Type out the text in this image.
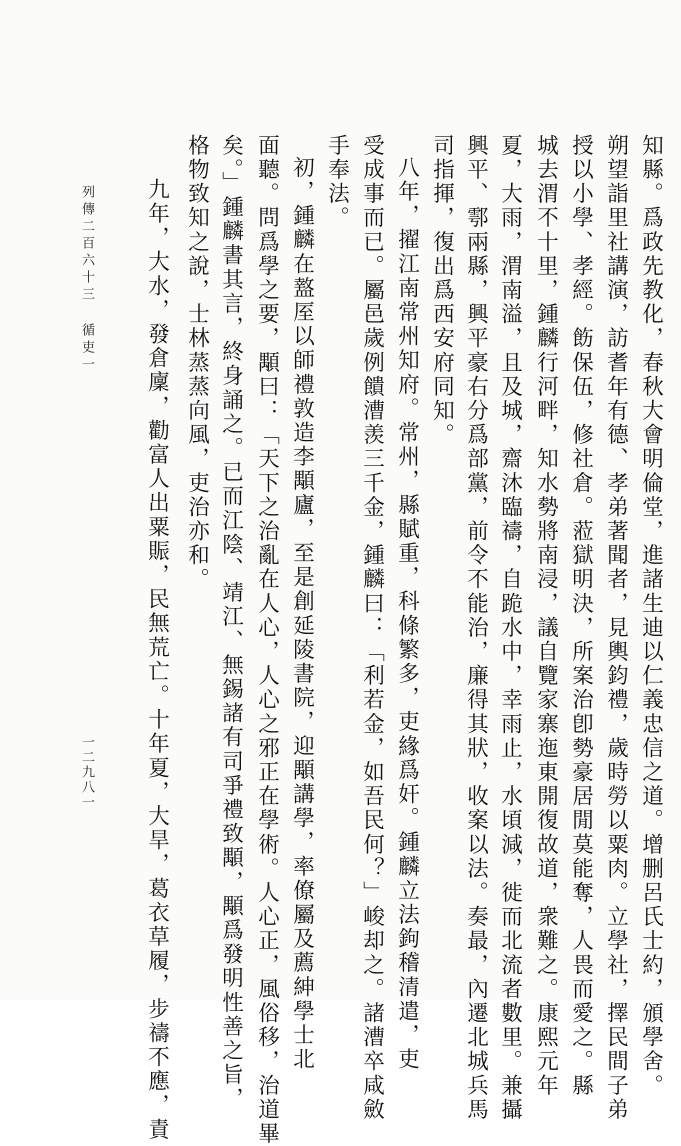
知縣。爲政先教化，春秋大會明倫堂，進諸生迪以仁義忠信之道。增删呂氏士約，頒學舍。
朔望詣里社講演，訪耆年有德、孝弟著聞者，見輿鈞禮，歲時勞以粟肉。立學社，擇民間子弟
授以小學、孝經。飭保伍，修社倉。蒞獄明決，所案治卽勢豪居閒莫能奪，人畏而愛之。縣
城去渭不十里，鍾麟行河畔，知水勢將南浸，議自覽家寨迤東開復故道，衆難之。康熙元年
夏，大雨，渭南溢，且及城，齋沐臨禱，自跪水中，幸雨止，水頃減，徙而北流者數里。兼攝
興平、鄠兩縣，興平豪右分爲部黨，前令不能治，廉得其狀，收案以法。奏最，內遷北城兵馬
司指揮，復出爲西安府同知。
八年，擢江南常州知府。常州，縣賦重，科條繁多，吏緣爲奸。鍾麟立法鉤稽清遣，吏
受成事而已。屬邑歲例饋漕羡三千金，鍾麟曰：「利若金，如吾民何？」峻却之。諸漕卒咸斂
手奉法。
初，鍾麟在盩厔以師禮敦造李顒廬，至是創延陵書院，迎顒講學，率僚屬及薦紳學士北
面聽。問爲學之要，顒曰：「天下之治亂在人心，人心之邪正在學術。人心正，風俗移，治道畢
矣。」鍾麟書其言，終身誦之。已而江陰、靖江、無錫諸有司爭禮致顒，顒爲發明性善之旨，
格物致知之說，士林蒸蒸向風，吏治亦和。
九年，大水，發倉廩，勸富人出粟賑，民無荒亡。十年夏，大旱，葛衣草履，步禱不應，責
列傳二百六十三 循吏一
一二九八一
